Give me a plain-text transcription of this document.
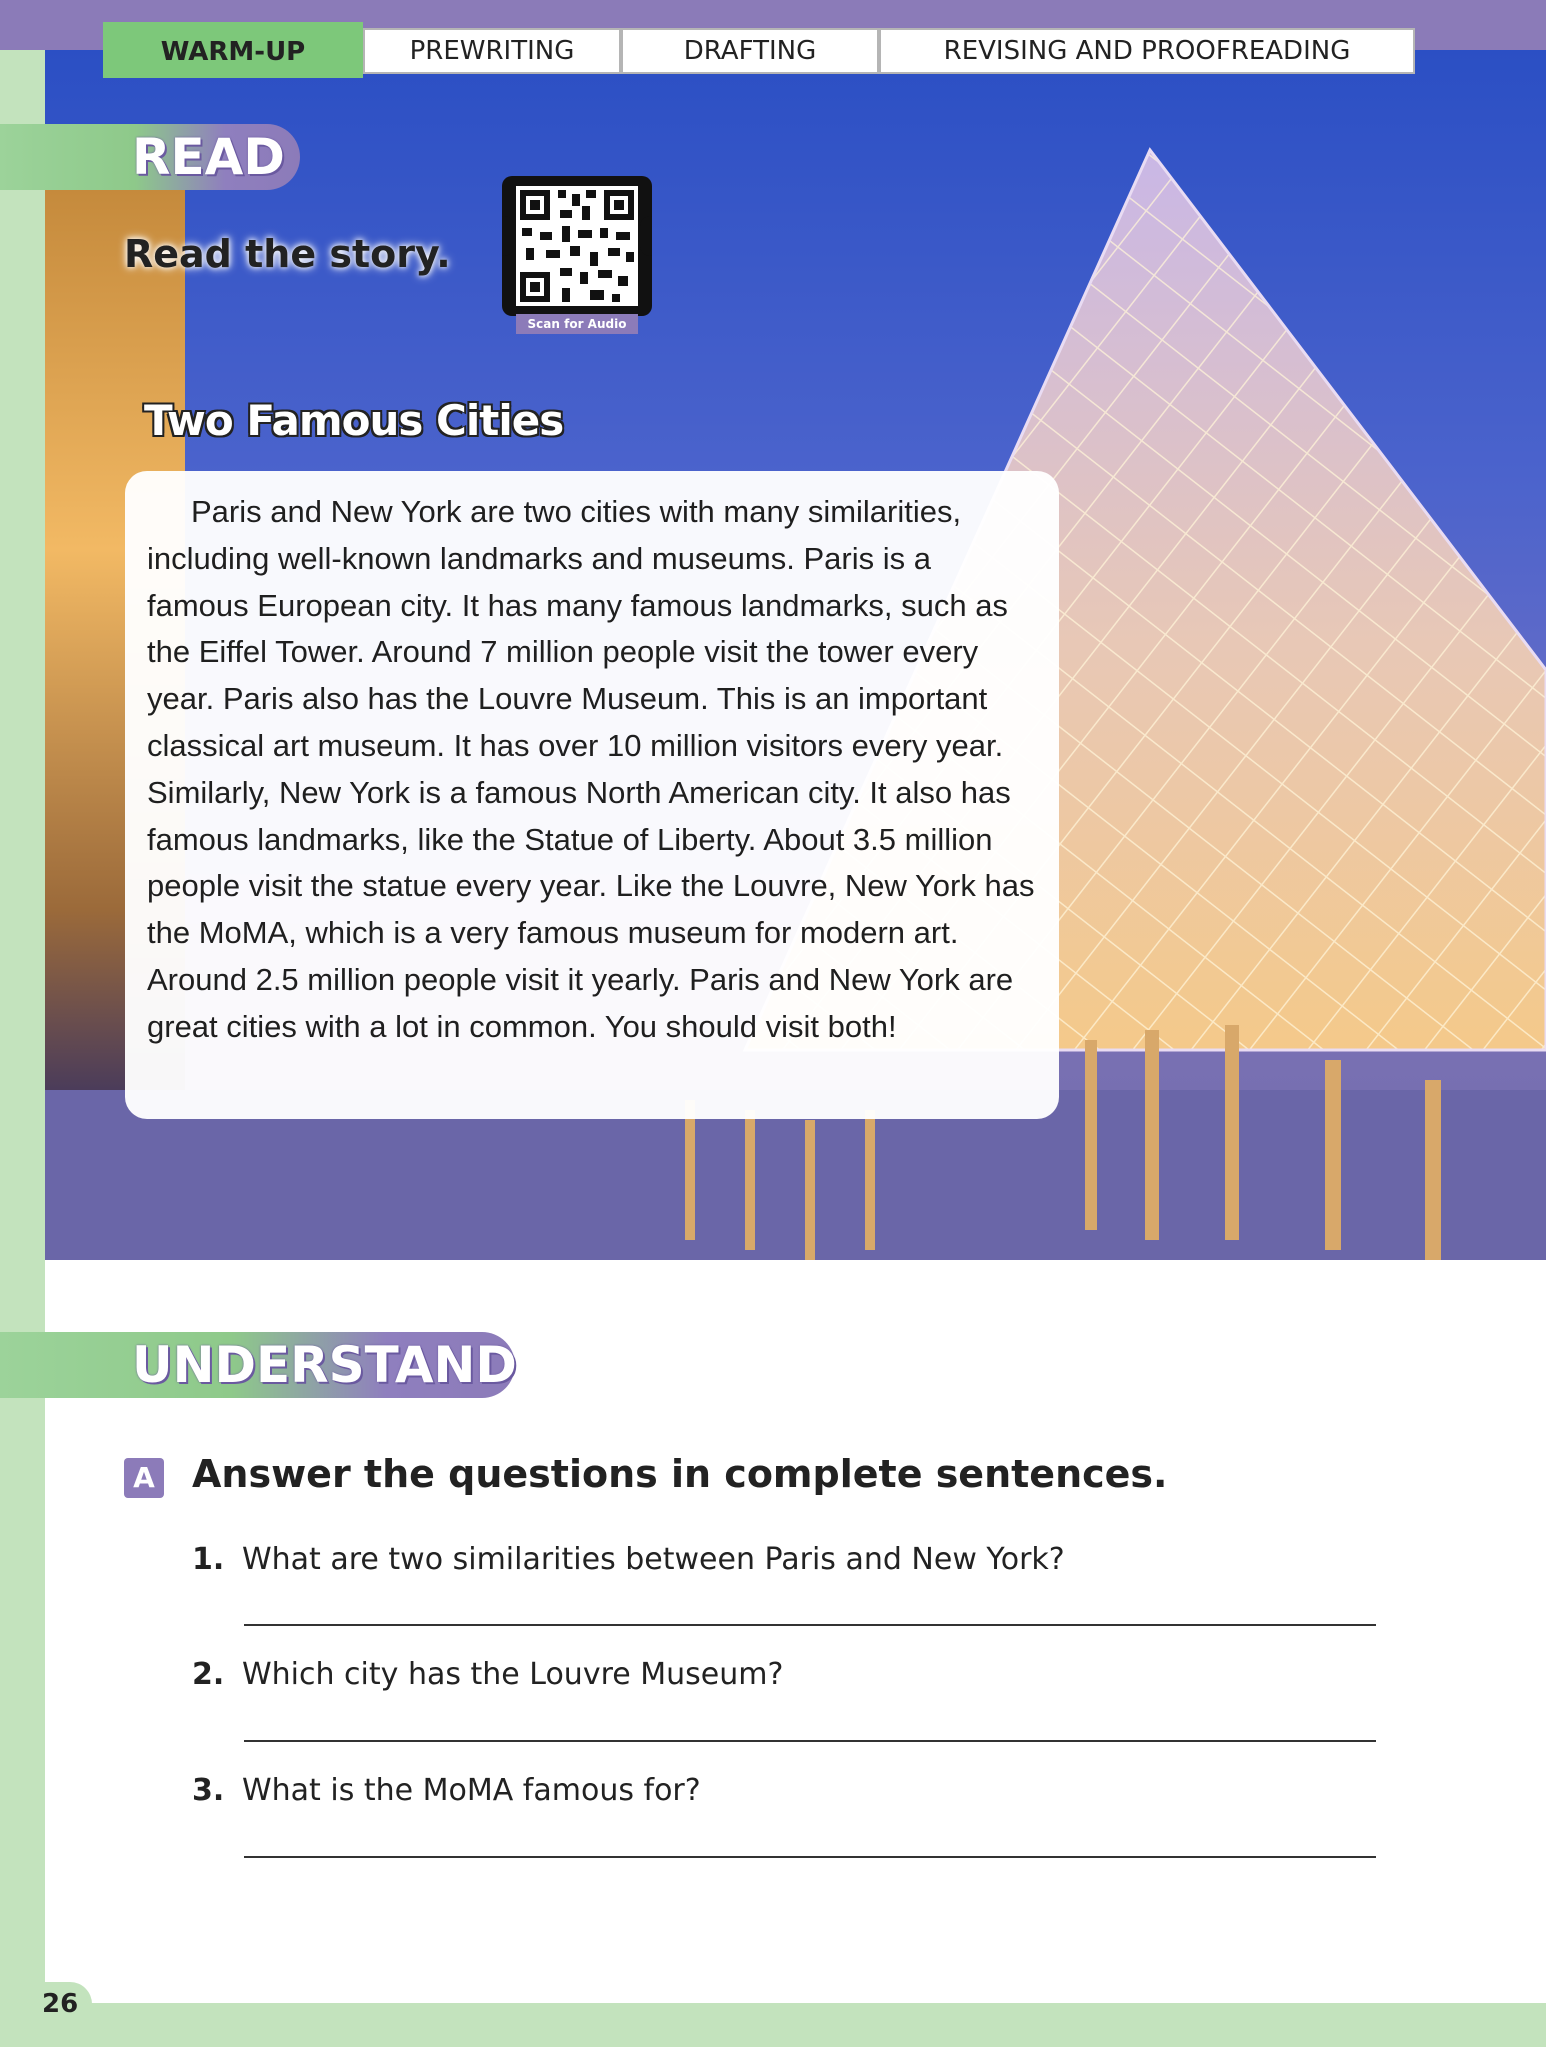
WARM-UP	PREWRITING	DRAFTING	REVISING AND PROOFREADING
READ
Read the story.
Scan for Audio
Two Famous Cities

Paris and New York are two cities with many similarities, including well-known landmarks and museums. Paris is a famous European city. It has many famous landmarks, such as the Eiffel Tower. Around 7 million people visit the tower every year. Paris also has the Louvre Museum. This is an important classical art museum. It has over 10 million visitors every year. Similarly, New York is a famous North American city. It also has famous landmarks, like the Statue of Liberty. About 3.5 million people visit the statue every year. Like the Louvre, New York has the MoMA, which is a very famous museum for modern art. Around 2.5 million people visit it yearly. Paris and New York are great cities with a lot in common. You should visit both!

UNDERSTAND
A Answer the questions in complete sentences.
1. What are two similarities between Paris and New York?
2. Which city has the Louvre Museum?
3. What is the MoMA famous for?
26
